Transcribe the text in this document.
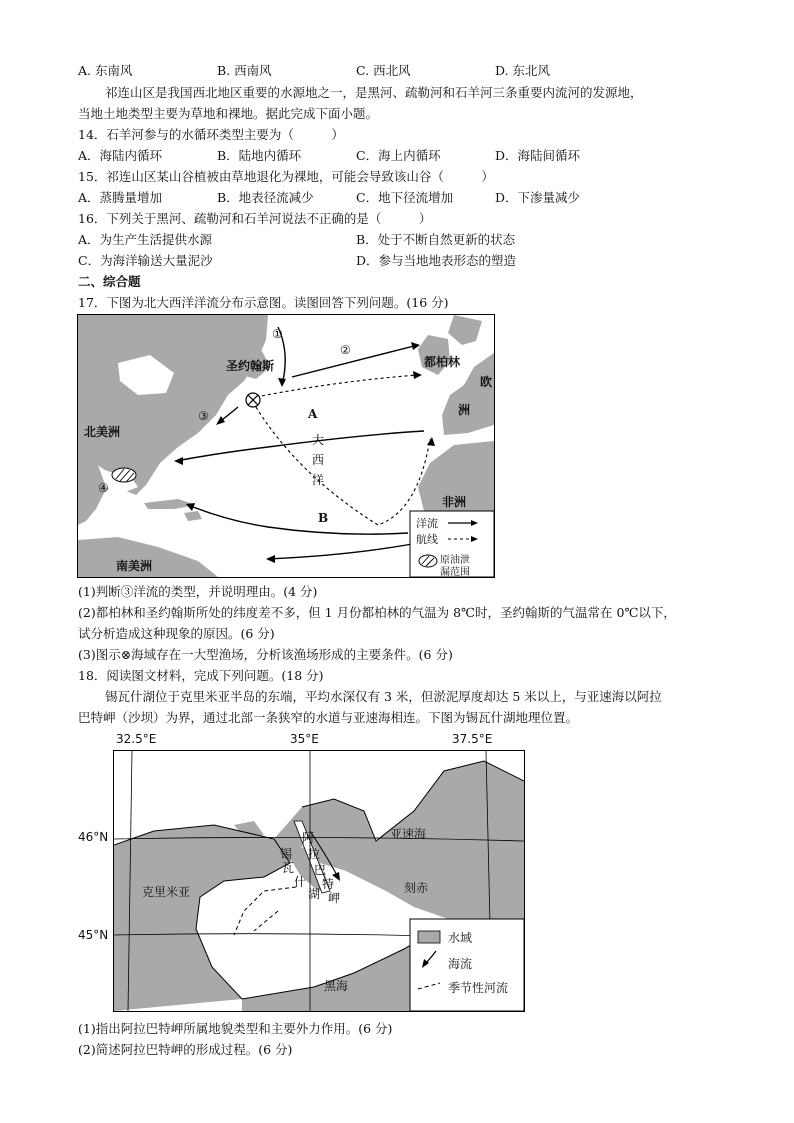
A. 东南风	B. 西南风	C. 西北风	D. 东北风
祁连山区是我国西北地区重要的水源地之一，是黑河、疏勒河和石羊河三条重要内流河的发源地，
当地土地类型主要为草地和裸地。据此完成下面小题。
14．石羊河参与的水循环类型主要为（　　　）
A．海陆内循环	B．陆地内循环	C．海上内循环	D．海陆间循环
15．祁连山区某山谷植被由草地退化为裸地，可能会导致该山谷（　　　）
A．蒸腾量增加	B．地表径流减少	C．地下径流增加	D．下渗量减少
16．下列关于黑河、疏勒河和石羊河说法不正确的是（　　　）
A．为生产生活提供水源	B．处于不断自然更新的状态
C．为海洋输送大量泥沙	D．参与当地地表形态的塑造
二、综合题
17．下图为北大西洋洋流分布示意图。读图回答下列问题。(16 分)
①
②
③
④
圣约翰斯	都柏林
欧
洲
北美洲
南美洲
非洲
A
B
大
西
洋
洋流
航线
原油泄
漏范围
(1)判断③洋流的类型，并说明理由。(4 分)
(2)都柏林和圣约翰斯所处的纬度差不多，但 1 月份都柏林的气温为 8℃时，圣约翰斯的气温常在 0℃以下，
试分析造成这种现象的原因。(6 分)
(3)图示⊗海域存在一大型渔场，分析该渔场形成的主要条件。(6 分)
18．阅读图文材料，完成下列问题。(18 分)
锡瓦什湖位于克里米亚半岛的东端，平均水深仅有 3 米，但淤泥厚度却达 5 米以上，与亚速海以阿拉
巴特岬（沙坝）为界，通过北部一条狭窄的水道与亚速海相连。下图为锡瓦什湖地理位置。
32.5°E	35°E	37.5°E
46°N
45°N
亚速海
克里米亚	刻赤
黑海
锡
瓦
什
湖
阿
拉
巴
特
岬
水域
海流
季节性河流
(1)指出阿拉巴特岬所属地貌类型和主要外力作用。(6 分)
(2)简述阿拉巴特岬的形成过程。(6 分)
